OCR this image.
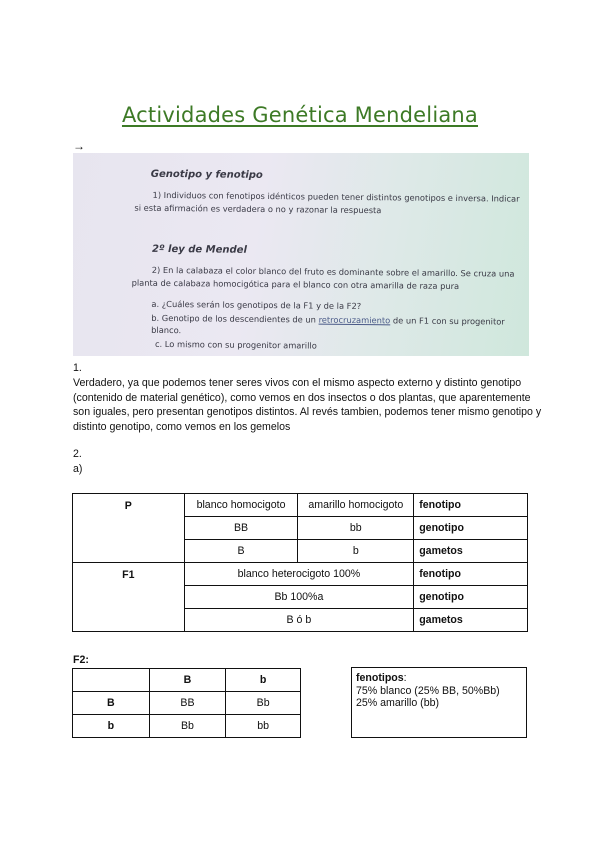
Actividades Genética Mendeliana
→
Genotipo y fenotipo
1) Individuos con fenotipos idénticos pueden tener distintos genotipos e inversa. Indicar
si esta afirmación es verdadera o no y razonar la respuesta
2º ley de Mendel
2) En la calabaza el color blanco del fruto es dominante sobre el amarillo. Se cruza una
planta de calabaza homocigótica para el blanco con otra amarilla de raza pura
a. ¿Cuáles serán los genotipos de la F1 y de la F2?
b. Genotipo de los descendientes de un retrocruzamiento de un F1 con su progenitor
blanco.
c. Lo mismo con su progenitor amarillo
1.
Verdadero, ya que podemos tener seres vivos con el mismo aspecto externo y distinto genotipo (contenido de material genético), como vemos en dos insectos o dos plantas, que aparentemente son iguales, pero presentan genotipos distintos. Al revés tambien, podemos tener mismo genotipo y distinto genotipo, como vemos en los gemelos
2.
a)
P	blanco homocigoto	amarillo homocigoto	fenotipo
	BB	bb	genotipo
	B	b	gametos
F1	blanco heterocigoto 100%		fenotipo
	Bb 100%a		genotipo
	B ó b		gametos
F2:
	B	b
B	BB	Bb
b	Bb	bb
fenotipos:
75% blanco (25% BB, 50%Bb)
25% amarillo (bb)
